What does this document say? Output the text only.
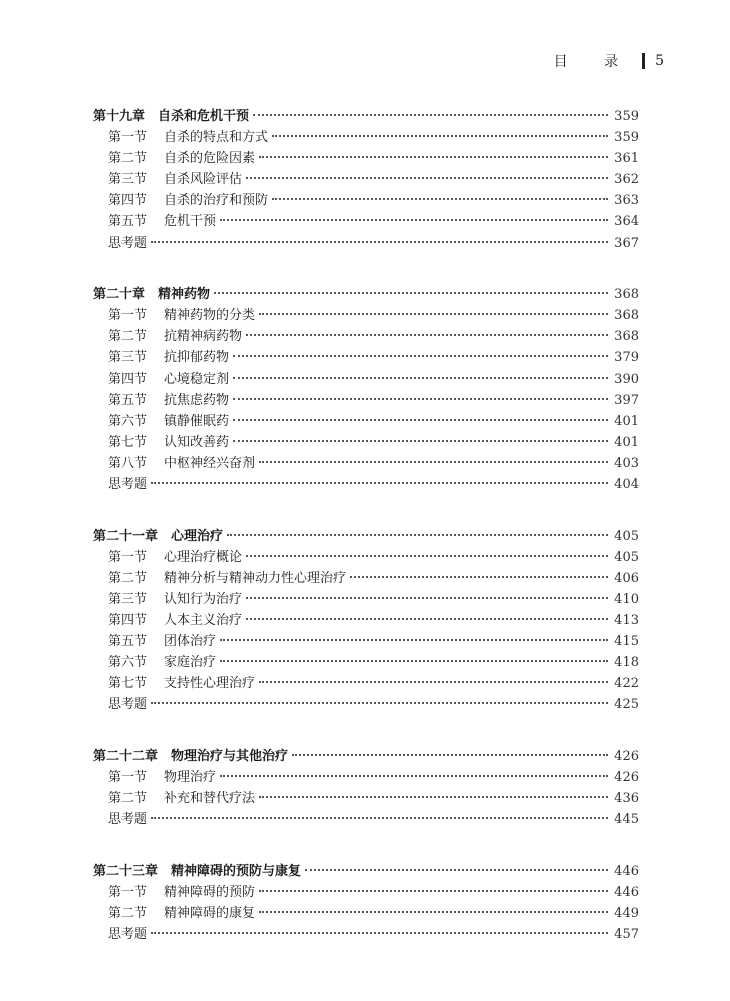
目 录 5
第十九章 自杀和危机干预	359
第一节	自杀的特点和方式	359
第二节	自杀的危险因素	361
第三节	自杀风险评估	362
第四节	自杀的治疗和预防	363
第五节	危机干预	364
思考题	367
第二十章 精神药物	368
第一节	精神药物的分类	368
第二节	抗精神病药物	368
第三节	抗抑郁药物	379
第四节	心境稳定剂	390
第五节	抗焦虑药物	397
第六节	镇静催眠药	401
第七节	认知改善药	401
第八节	中枢神经兴奋剂	403
思考题	404
第二十一章 心理治疗	405
第一节	心理治疗概论	405
第二节	精神分析与精神动力性心理治疗	406
第三节	认知行为治疗	410
第四节	人本主义治疗	413
第五节	团体治疗	415
第六节	家庭治疗	418
第七节	支持性心理治疗	422
思考题	425
第二十二章 物理治疗与其他治疗	426
第一节	物理治疗	426
第二节	补充和替代疗法	436
思考题	445
第二十三章 精神障碍的预防与康复	446
第一节	精神障碍的预防	446
第二节	精神障碍的康复	449
思考题	457
